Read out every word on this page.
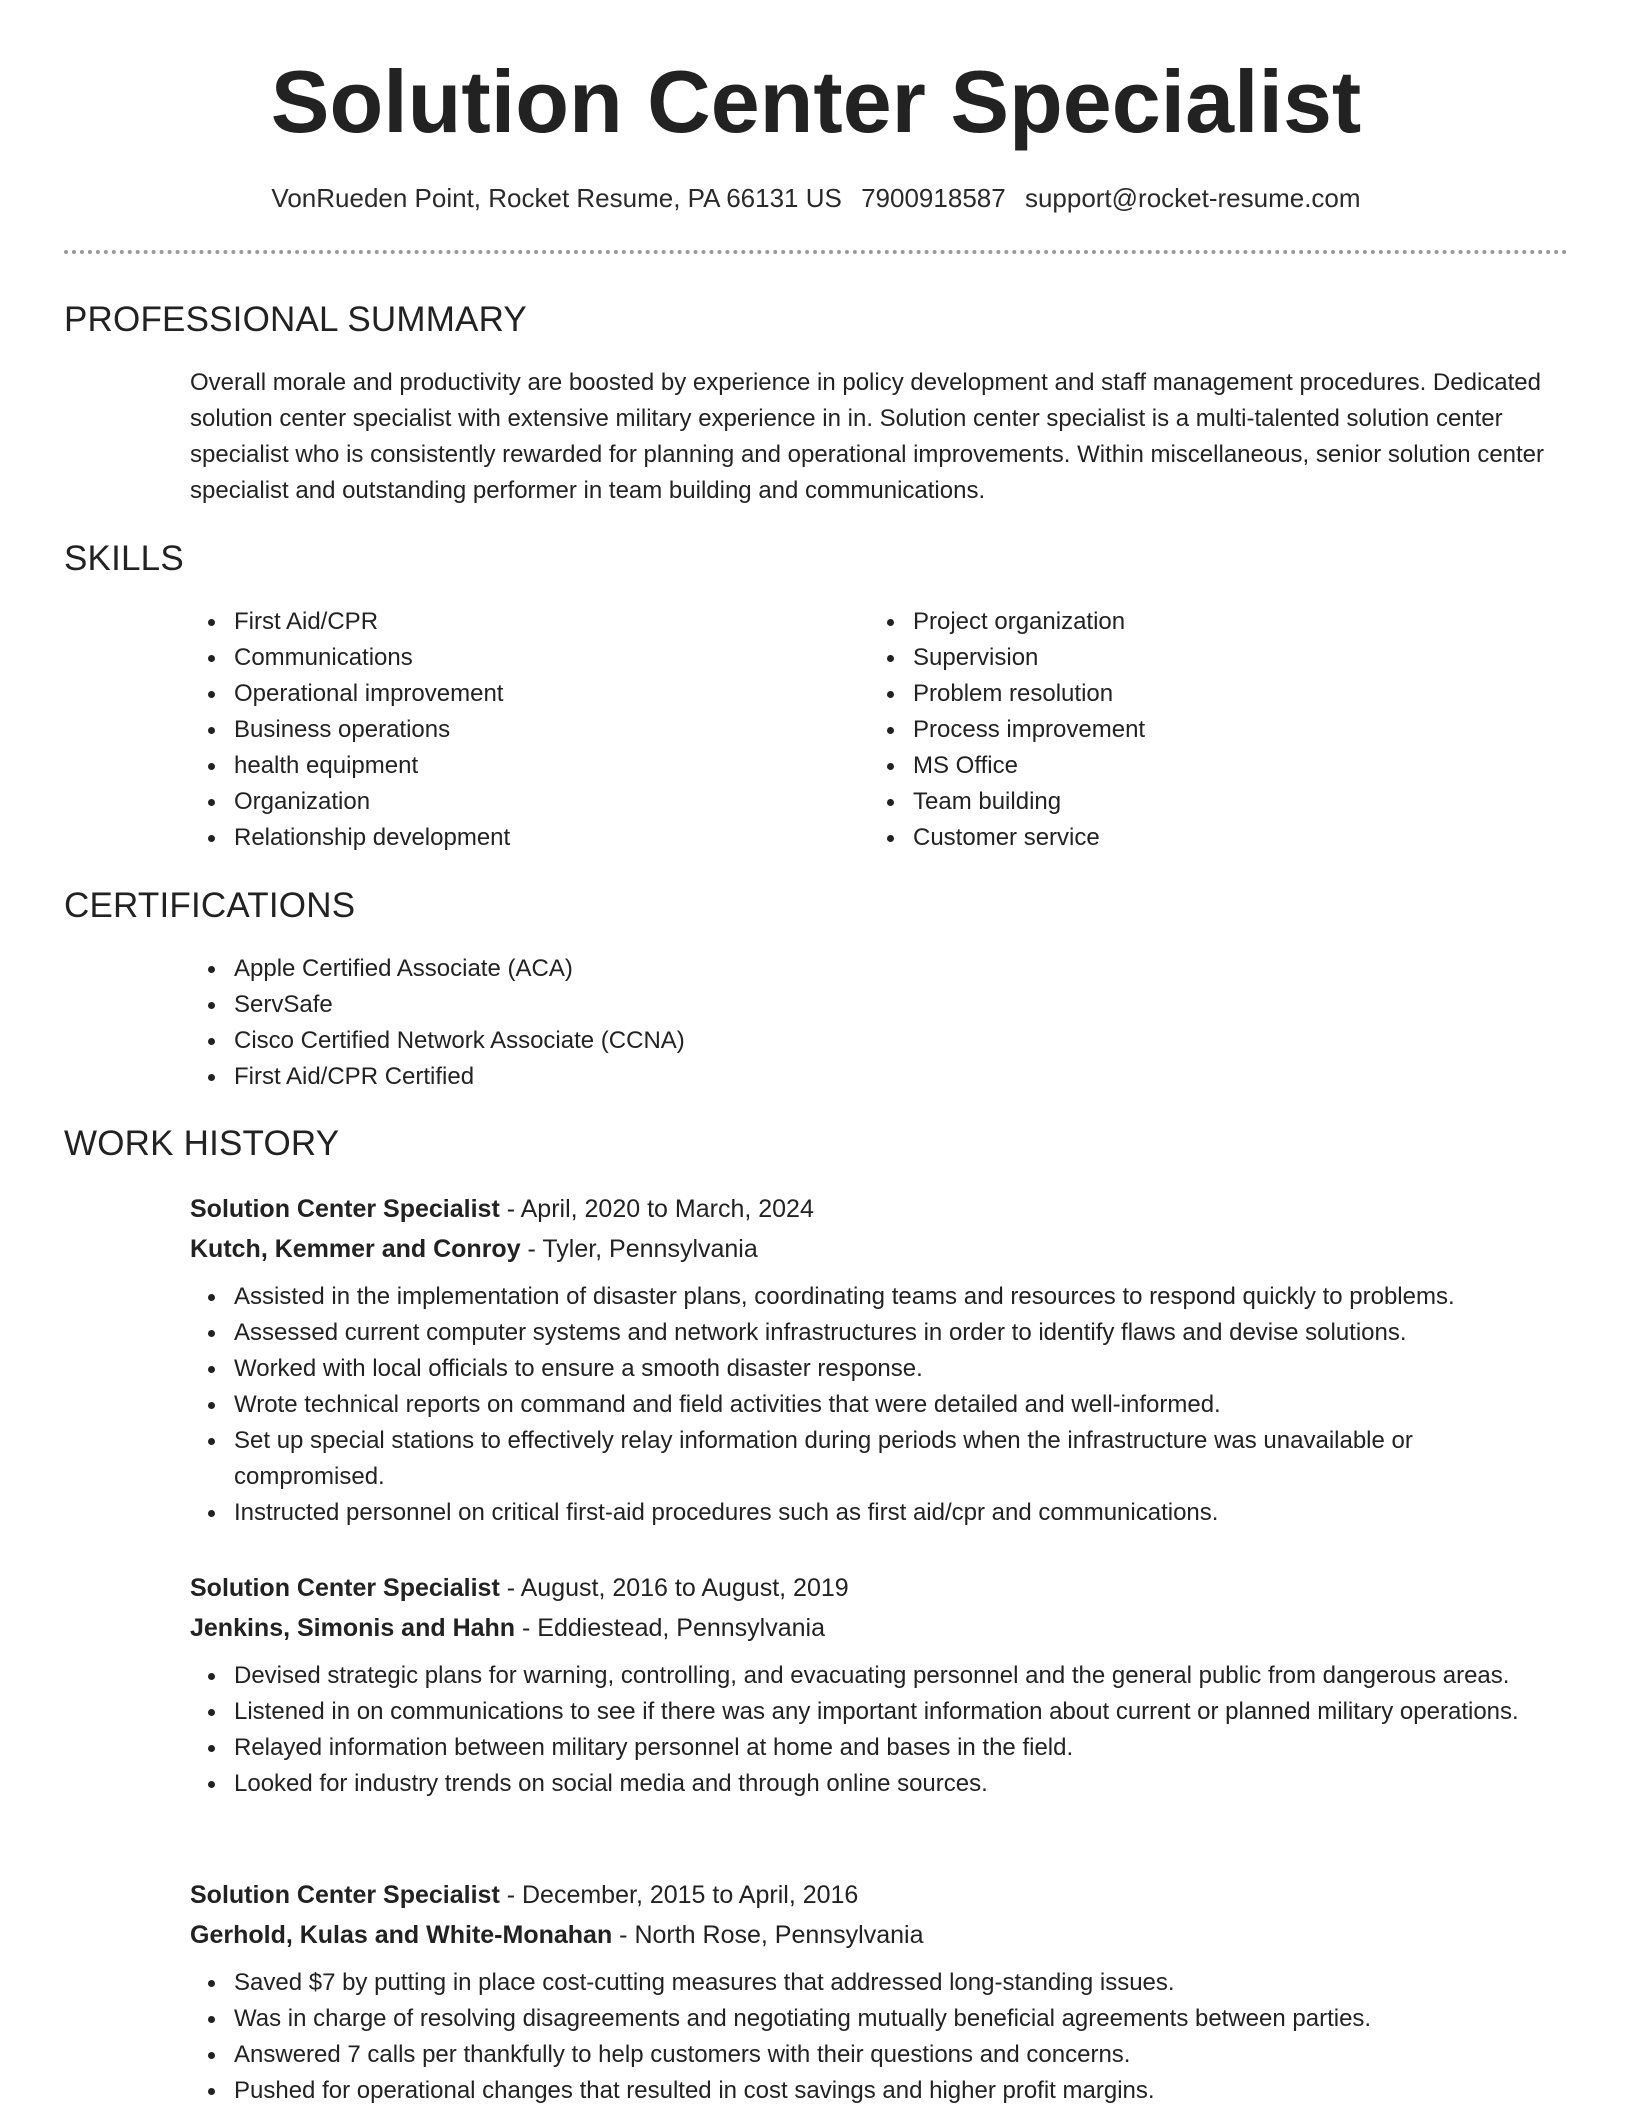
Solution Center Specialist
VonRueden Point, Rocket Resume, PA 66131 US 7900918587 support@rocket-resume.com
PROFESSIONAL SUMMARY

Overall morale and productivity are boosted by experience in policy development and staff management procedures. Dedicated solution center specialist with extensive military experience in in. Solution center specialist is a multi-talented solution center specialist who is consistently rewarded for planning and operational improvements. Within miscellaneous, senior solution center specialist and outstanding performer in team building and communications.

SKILLS
First Aid/CPR
Communications
Operational improvement
Business operations
health equipment
Organization
Relationship development
Project organization
Supervision
Problem resolution
Process improvement
MS Office
Team building
Customer service
CERTIFICATIONS
Apple Certified Associate (ACA)
ServSafe
Cisco Certified Network Associate (CCNA)
First Aid/CPR Certified
WORK HISTORY
Solution Center Specialist - April, 2020 to March, 2024
Kutch, Kemmer and Conroy - Tyler, Pennsylvania
Assisted in the implementation of disaster plans, coordinating teams and resources to respond quickly to problems.
Assessed current computer systems and network infrastructures in order to identify flaws and devise solutions.
Worked with local officials to ensure a smooth disaster response.
Wrote technical reports on command and field activities that were detailed and well-informed.
Set up special stations to effectively relay information during periods when the infrastructure was unavailable or compromised.
Instructed personnel on critical first-aid procedures such as first aid/cpr and communications.
Solution Center Specialist - August, 2016 to August, 2019
Jenkins, Simonis and Hahn - Eddiestead, Pennsylvania
Devised strategic plans for warning, controlling, and evacuating personnel and the general public from dangerous areas.
Listened in on communications to see if there was any important information about current or planned military operations.
Relayed information between military personnel at home and bases in the field.
Looked for industry trends on social media and through online sources.
Solution Center Specialist - December, 2015 to April, 2016
Gerhold, Kulas and White-Monahan - North Rose, Pennsylvania
Saved $7 by putting in place cost-cutting measures that addressed long-standing issues.
Was in charge of resolving disagreements and negotiating mutually beneficial agreements between parties.
Answered 7 calls per thankfully to help customers with their questions and concerns.
Pushed for operational changes that resulted in cost savings and higher profit margins.
